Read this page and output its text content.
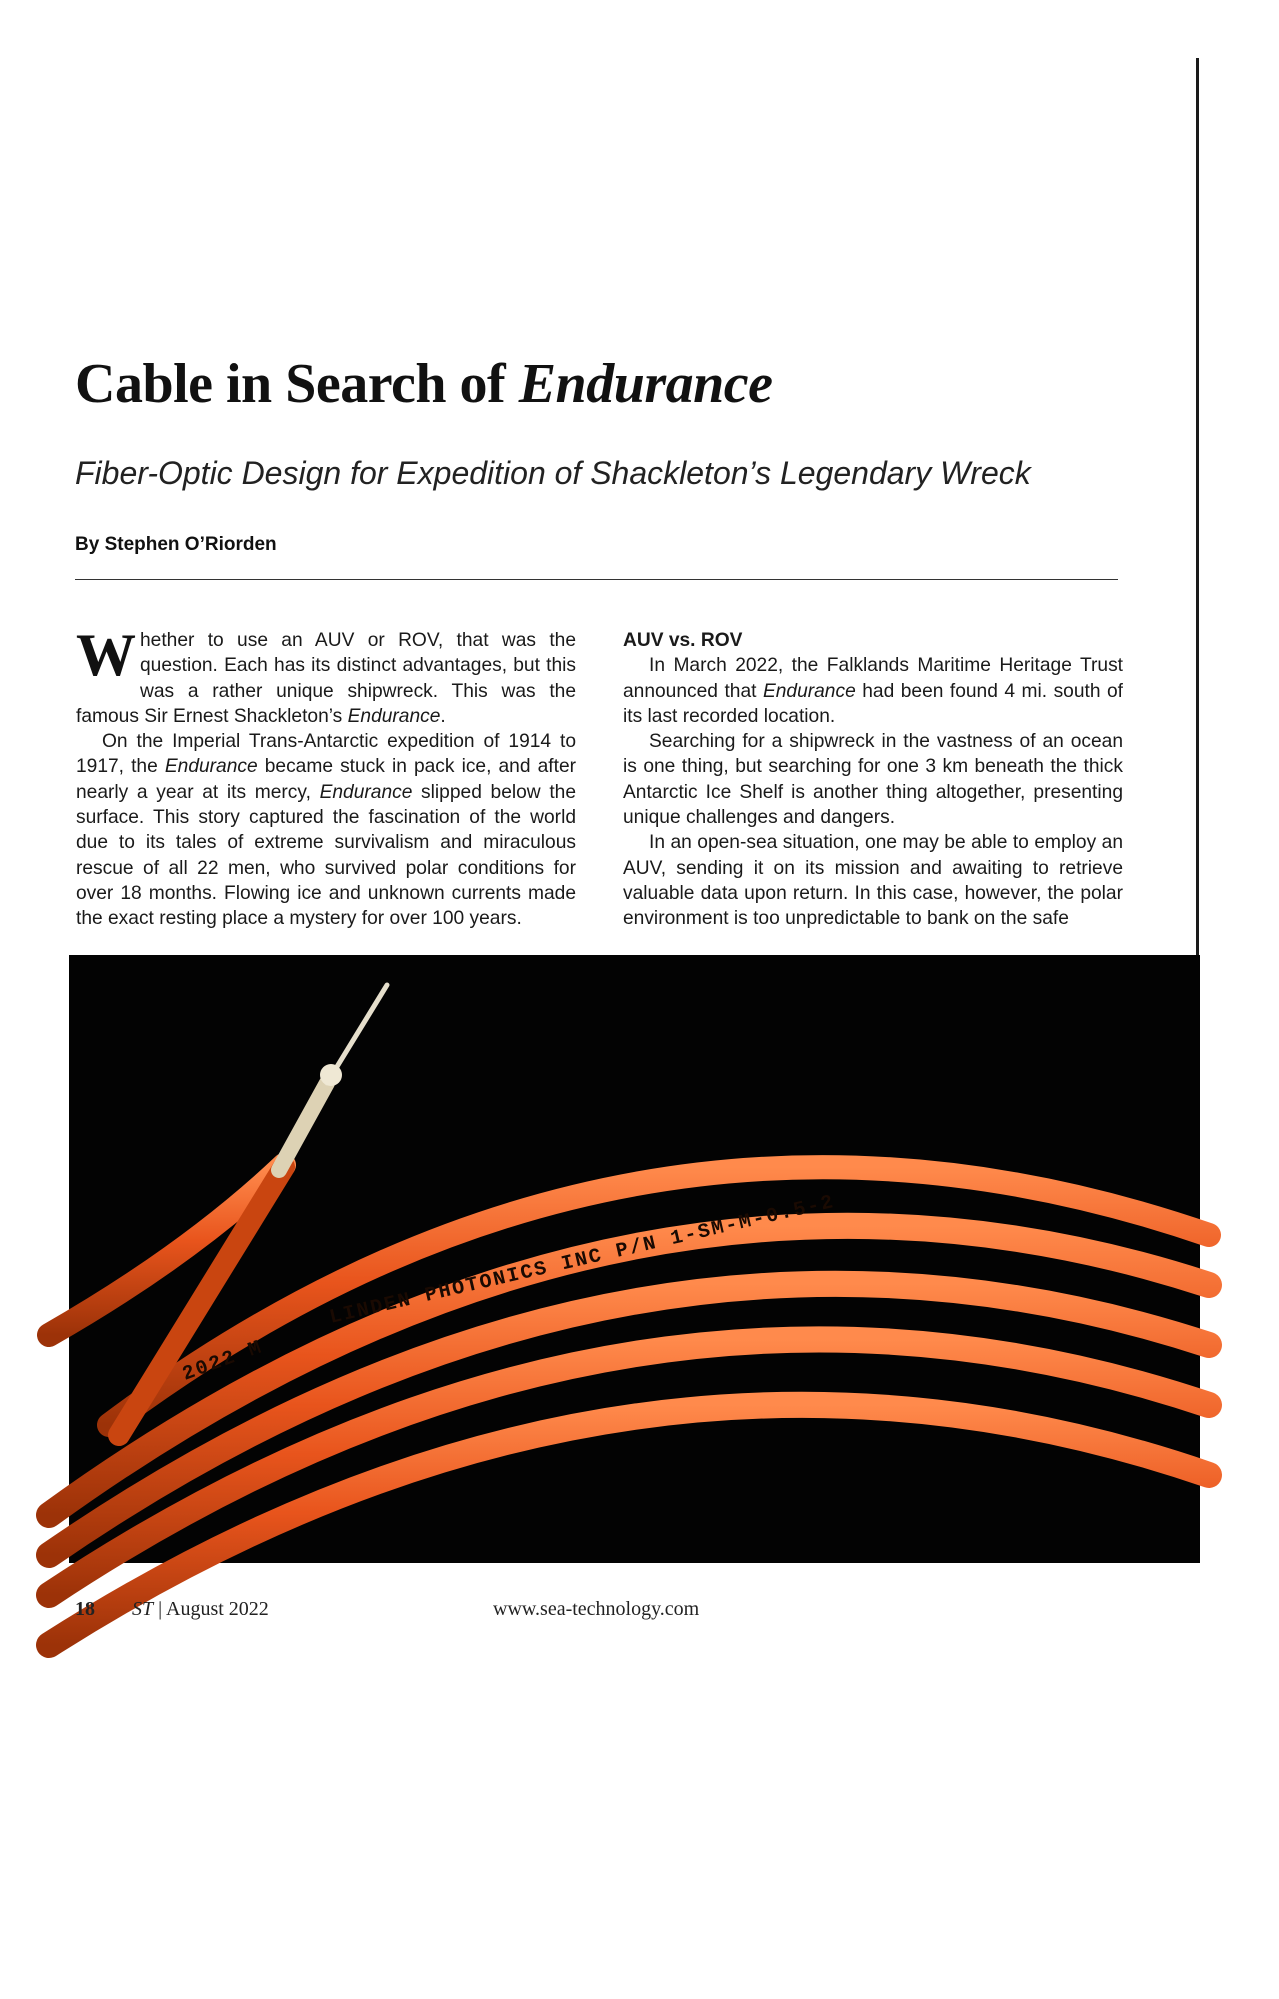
Cable in Search of Endurance
Fiber-Optic Design for Expedition of Shackleton’s Legendary Wreck
By Stephen O’Riorden

Whether to use an AUV or ROV, that was the question. Each has its distinct advantages, but this was a rather unique shipwreck. This was the famous Sir Ernest Shackleton’s Endurance.

On the Imperial Trans-Antarctic expedition of 1914 to 1917, the Endurance became stuck in pack ice, and after nearly a year at its mercy, Endurance slipped below the surface. This story captured the fascination of the world due to its tales of extreme survivalism and miraculous rescue of all 22 men, who survived polar conditions for over 18 months. Flowing ice and unknown currents made the exact resting place a mystery for over 100 years.

AUV vs. ROV

In March 2022, the Falklands Maritime Heritage Trust announced that Endurance had been found 4 mi. south of its last recorded location.

Searching for a shipwreck in the vastness of an ocean is one thing, but searching for one 3 km beneath the thick Antarctic Ice Shelf is another thing altogether, presenting unique challenges and dangers.

In an open-sea situation, one may be able to employ an AUV, sending it on its mission and awaiting to retrieve valuable data upon return. In this case, however, the polar environment is too unpredictable to bank on the safe

2022 M
LINDEN PHOTONICS INC P/N 1-SM-M-0.5-2
Single-mode, one-chan
cable. (Top right) Braidi
18 ST | August 2022	www.sea-technology.com
